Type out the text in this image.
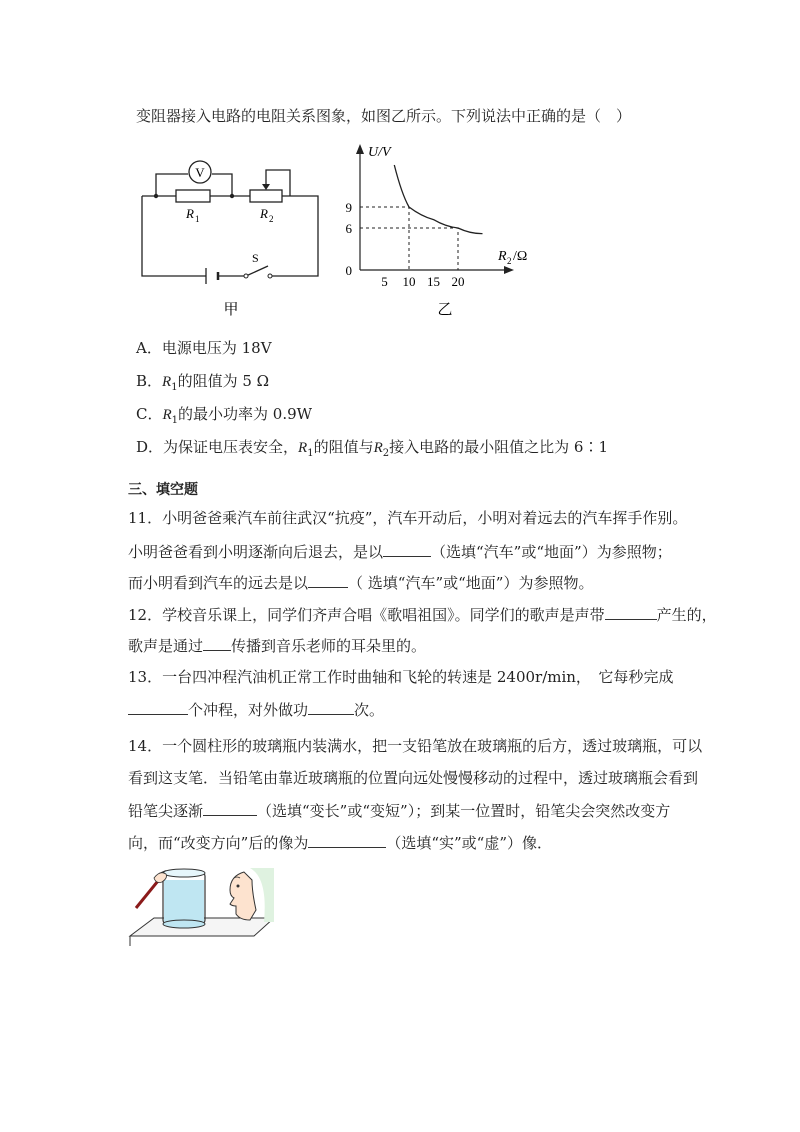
变阻器接入电路的电阻关系图象，如图乙所示。下列说法中正确的是（　）
V
R 1	R 2
S
甲
U/V
R 2 /Ω
0
乙
9
6
5 10 15 20
A．电源电压为 18V
B．$R_1$的阻值为 5 Ω
C．$R_1$的最小功率为 0.9W
D．为保证电压表安全，$R_1$的阻值与$R_2$接入电路的最小阻值之比为 6∶1
三、填空题
11．小明爸爸乘汽车前往武汉“抗疫”，汽车开动后，小明对着远去的汽车挥手作别。
小明爸爸看到小明逐渐向后退去，是以	（选填“汽车”或“地面”）为参照物；
而小明看到汽车的远去是以	（ 选填“汽车”或“地面”）为参照物。
12．学校音乐课上，同学们齐声合唱《歌唱祖国》。同学们的歌声是声带	产生的，
歌声是通过 传播到音乐老师的耳朵里的。
13．一台四冲程汽油机正常工作时曲轴和飞轮的转速是 2400r/min，　它每秒完成
个冲程，对外做功	次。
14．一个圆柱形的玻璃瓶内装满水，把一支铅笔放在玻璃瓶的后方，透过玻璃瓶，可以
看到这支笔．当铅笔由靠近玻璃瓶的位置向远处慢慢移动的过程中，透过玻璃瓶会看到
铅笔尖逐渐	（选填“变长”或“变短”）；到某一位置时，铅笔尖会突然改变方
向，而“改变方向”后的像为	（选填“实”或“虚”）像．
